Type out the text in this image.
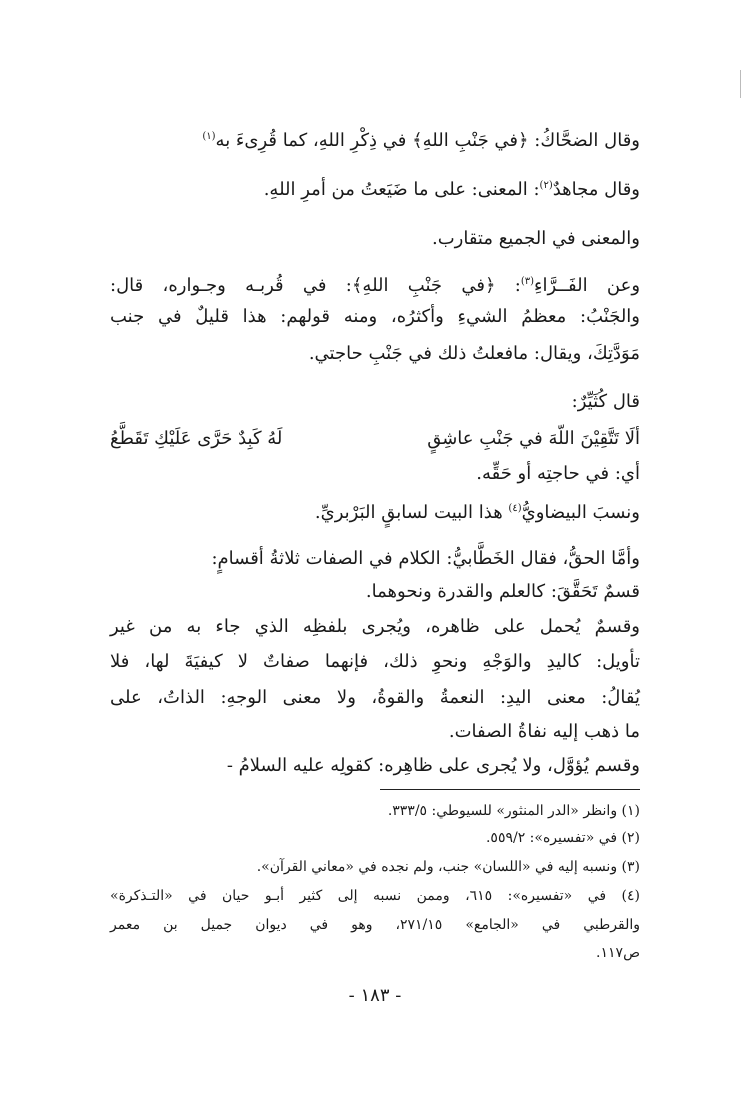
وقال الضحَّاكُ: ﴿في جَنْبِ اللهِ﴾ في ذِكْرِ اللهِ، كما قُرِىءَ به$^{(١)}$
وقال مجاهدٌ$^{(٢)}$: المعنى: على ما ضَيَعتُ من أمرِ اللهِ.
والمعنى في الجميع متقارب.
وعن الفَــرَّاءِ$^{(٣)}$: ﴿في جَنْبِ اللهِ﴾: في قُربـه وجـواره، قال:
والجَنْبُ: معظمُ الشيءِ وأكثرُه، ومنه قولهم: هذا قليلٌ في جنب
مَوَدَّتِكَ، ويقال: مافعلتُ ذلك في جَنْبِ حاجتي.
قال كُثَيِّرٌ:
ألَا تَتَّقِيْنَ اللّهَ في جَنْبِ عاشِقٍ
لَهُ كَبِدٌ حَرَّى عَلَيْكِ تَقَطَّعُ
أي: في حاجتِه أو حَقِّه.
ونسبَ البيضاويُّ$^{(٤)}$ هذا البيت لسابقٍ البَرْبريِّ.
وأمَّا الحقُّ، فقال الخَطَّابيُّ: الكلام في الصفات ثلاثةُ أقسامٍ:
قسمٌ تَحَقَّقَ: كالعلم والقدرة ونحوهما.
وقسمٌ يُحمل على ظاهره، ويُجرى بلفظِه الذي جاء به من غير
تأويل: كاليدِ والوَجْهِ ونحوِ ذلك، فإنهما صفاتٌ لا كيفيَةَ لها، فلا
يُقالُ: معنى اليدِ: النعمةُ والقوةُ، ولا معنى الوجهِ: الذاتُ، على
ما ذهب إليه نفاةُ الصفات.
وقسم يُؤوَّل، ولا يُجرى على ظاهِره: كقولِه عليه السلامُ -
(١) وانظر «الدر المنثور» للسيوطي: ٣٣٣/٥.
(٢) في «تفسيره»: ٥٥٩/٢.
(٣) ونسبه إليه في «اللسان» جنب، ولم نجده في «معاني القرآن».
(٤) في «تفسيره»: ٦١٥، وممن نسبه إلى كثير أبـو حيان في «التـذكرة»
والقرطبي في «الجامع» ٢٧١/١٥، وهو في ديوان جميل بن معمر
ص١١٧.
- ١٨٣ -
